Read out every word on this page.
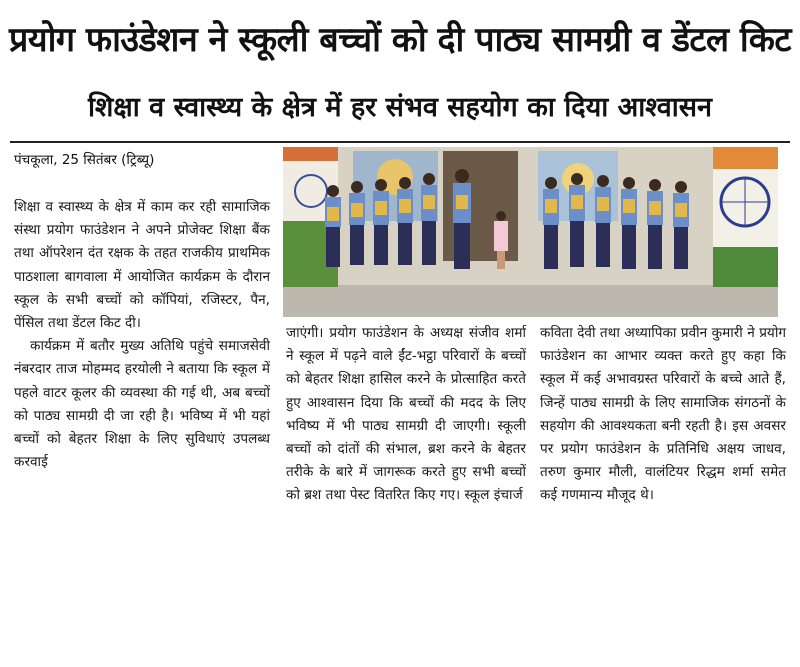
प्रयोग फाउंडेशन ने स्कूली बच्चों को दी पाठ्य सामग्री व डेंटल किट
शिक्षा व स्वास्थ्य के क्षेत्र में हर संभव सहयोग का दिया आश्वासन
पंचकूला, 25 सितंबर (ट्रिब्यू)

शिक्षा व स्वास्थ्य के क्षेत्र में काम कर रही सामाजिक संस्था प्रयोग फाउंडेशन ने अपने प्रोजेक्ट शिक्षा बैंक तथा ऑपरेशन दंत रक्षक के तहत राजकीय प्राथमिक पाठशाला बागवाला में आयोजित कार्यक्रम के दौरान स्कूल के सभी बच्चों को कॉपियां, रजिस्टर, पैन, पेंसिल तथा डेंटल किट दी।

कार्यक्रम में बतौर मुख्य अतिथि पहुंचे समाजसेवी नंबरदार ताज मोहम्मद हरयोली ने बताया कि स्कूल में पहले वाटर कूलर की व्यवस्था की गई थी, अब बच्चों को पाठ्य सामग्री दी जा रही है। भविष्य में भी यहां बच्चों को बेहतर शिक्षा के लिए सुविधाएं उपलब्ध करवाई

जाएंगी। प्रयोग फाउंडेशन के अध्यक्ष संजीव शर्मा ने स्कूल में पढ़ने वाले ईंट-भट्ठा परिवारों के बच्चों को बेहतर शिक्षा हासिल करने के प्रोत्साहित करते हुए आश्वासन दिया कि बच्चों की मदद के लिए भविष्य में भी पाठ्य सामग्री दी जाएगी। स्कूली बच्चों को दांतों की संभाल, ब्रश करने के बेहतर तरीके के बारे में जागरूक करते हुए सभी बच्चों को ब्रश तथा पेस्ट वितरित किए गए। स्कूल इंचार्ज

कविता देवी तथा अध्यापिका प्रवीन कुमारी ने प्रयोग फाउंडेशन का आभार व्यक्त करते हुए कहा कि स्कूल में कई अभावग्रस्त परिवारों के बच्चे आते हैं, जिन्हें पाठ्य सामग्री के लिए सामाजिक संगठनों के सहयोग की आवश्यकता बनी रहती है। इस अवसर पर प्रयोग फाउंडेशन के प्रतिनिधि अक्षय जाधव, तरुण कुमार मौली, वालंटियर रिद्धम शर्मा समेत कई गणमान्य मौजूद थे।
